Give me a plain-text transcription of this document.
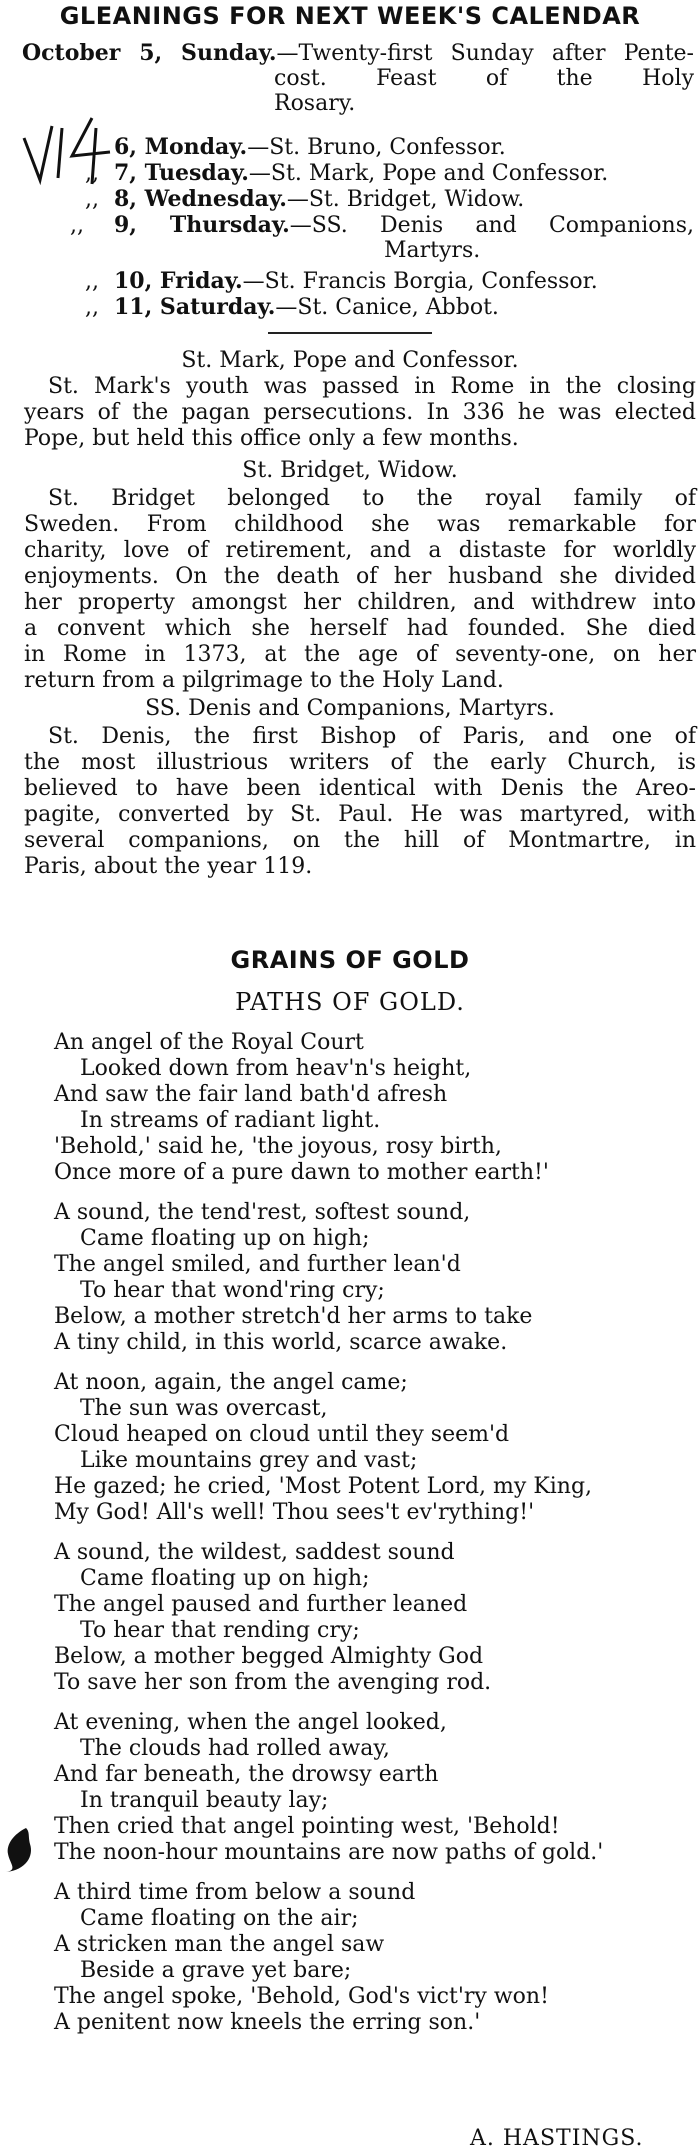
GLEANINGS FOR NEXT WEEK'S CALENDAR
October 5, Sunday.—Twenty-first Sunday after Pente-
cost. Feast of the Holy
Rosary.
6, Monday.—St. Bruno, Confessor.
,, 7, Tuesday.—St. Mark, Pope and Confessor.
,, 8, Wednesday.—St. Bridget, Widow.
,, 9, Thursday.—SS. Denis and Companions,
Martyrs.
,, 10, Friday.—St. Francis Borgia, Confessor.
,, 11, Saturday.—St. Canice, Abbot.
St. Mark, Pope and Confessor.
St. Mark's youth was passed in Rome in the closing
years of the pagan persecutions. In 336 he was elected
Pope, but held this office only a few months.
St. Bridget, Widow.
St. Bridget belonged to the royal family of
Sweden. From childhood she was remarkable for
charity, love of retirement, and a distaste for worldly
enjoyments. On the death of her husband she divided
her property amongst her children, and withdrew into
a convent which she herself had founded. She died
in Rome in 1373, at the age of seventy-one, on her
return from a pilgrimage to the Holy Land.
SS. Denis and Companions, Martyrs.
St. Denis, the first Bishop of Paris, and one of
the most illustrious writers of the early Church, is
believed to have been identical with Denis the Areo-
pagite, converted by St. Paul. He was martyred, with
several companions, on the hill of Montmartre, in
Paris, about the year 119.
GRAINS OF GOLD
PATHS OF GOLD.
An angel of the Royal Court
Looked down from heav'n's height,
And saw the fair land bath'd afresh
In streams of radiant light.
'Behold,' said he, 'the joyous, rosy birth,
Once more of a pure dawn to mother earth!'
A sound, the tend'rest, softest sound,
Came floating up on high;
The angel smiled, and further lean'd
To hear that wond'ring cry;
Below, a mother stretch'd her arms to take
A tiny child, in this world, scarce awake.
At noon, again, the angel came;
The sun was overcast,
Cloud heaped on cloud until they seem'd
Like mountains grey and vast;
He gazed; he cried, 'Most Potent Lord, my King,
My God! All's well! Thou sees't ev'rything!'
A sound, the wildest, saddest sound
Came floating up on high;
The angel paused and further leaned
To hear that rending cry;
Below, a mother begged Almighty God
To save her son from the avenging rod.
At evening, when the angel looked,
The clouds had rolled away,
And far beneath, the drowsy earth
In tranquil beauty lay;
Then cried that angel pointing west, 'Behold!
The noon-hour mountains are now paths of gold.'
A third time from below a sound
Came floating on the air;
A stricken man the angel saw
Beside a grave yet bare;
The angel spoke, 'Behold, God's vict'ry won!
A penitent now kneels the erring son.'
A. HASTINGS.
